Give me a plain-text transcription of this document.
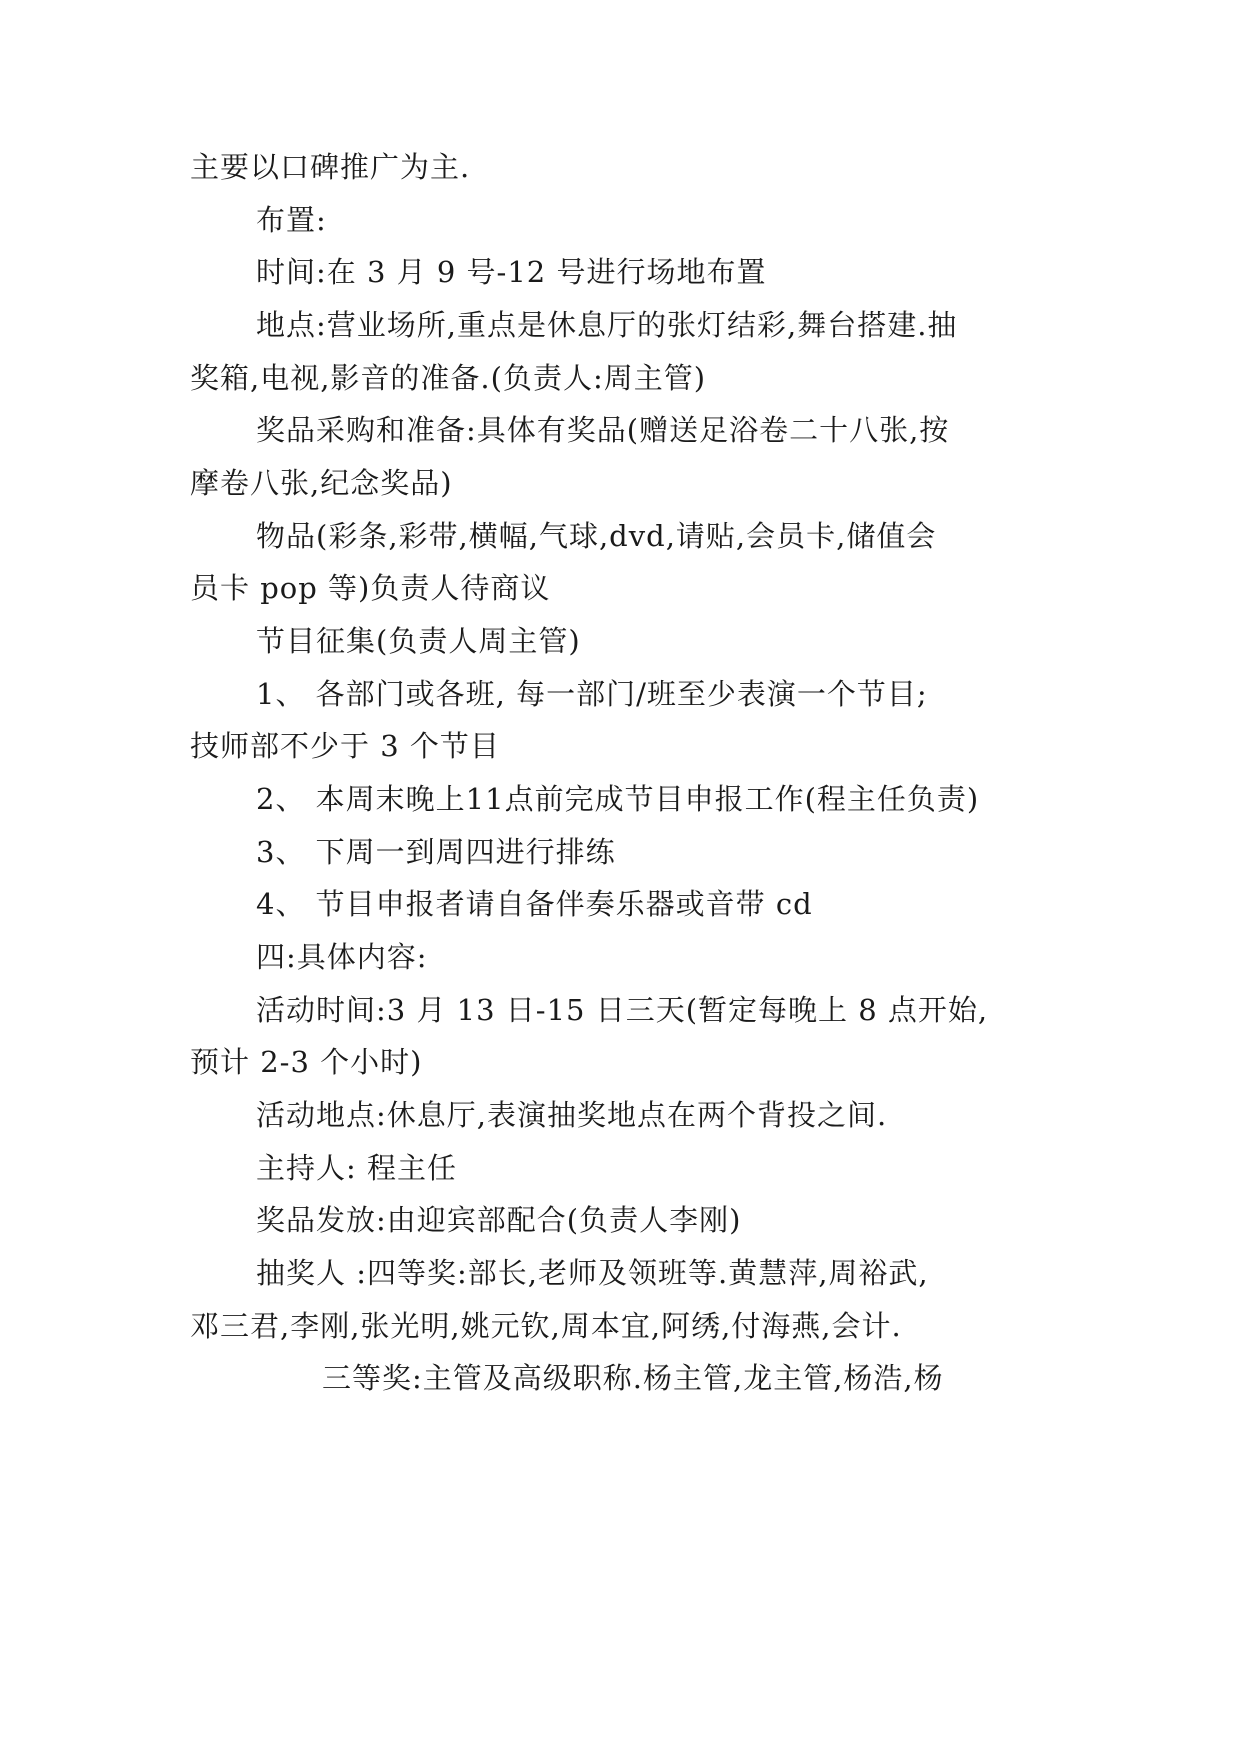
主要以口碑推广为主.
布置:
时间:在 3 月 9 号-12 号进行场地布置
地点:营业场所,重点是休息厅的张灯结彩,舞台搭建.抽
奖箱,电视,影音的准备.(负责人:周主管)
奖品采购和准备:具体有奖品(赠送足浴卷二十八张,按
摩卷八张,纪念奖品)
物品(彩条,彩带,横幅,气球,dvd,请贴,会员卡,储值会
员卡 pop 等)负责人待商议
节目征集(负责人周主管)
1、 各部门或各班, 每一部门/班至少表演一个节目;
技师部不少于 3 个节目
2、 本周末晚上11点前完成节目申报工作(程主任负责)
3、 下周一到周四进行排练
4、 节目申报者请自备伴奏乐器或音带 cd
四:具体内容:
活动时间:3 月 13 日-15 日三天(暂定每晚上 8 点开始,
预计 2-3 个小时)
活动地点:休息厅,表演抽奖地点在两个背投之间.
主持人: 程主任
奖品发放:由迎宾部配合(负责人李刚)
抽奖人 :四等奖:部长,老师及领班等.黄慧萍,周裕武,
邓三君,李刚,张光明,姚元钦,周本宜,阿绣,付海燕,会计.
三等奖:主管及高级职称.杨主管,龙主管,杨浩,杨
